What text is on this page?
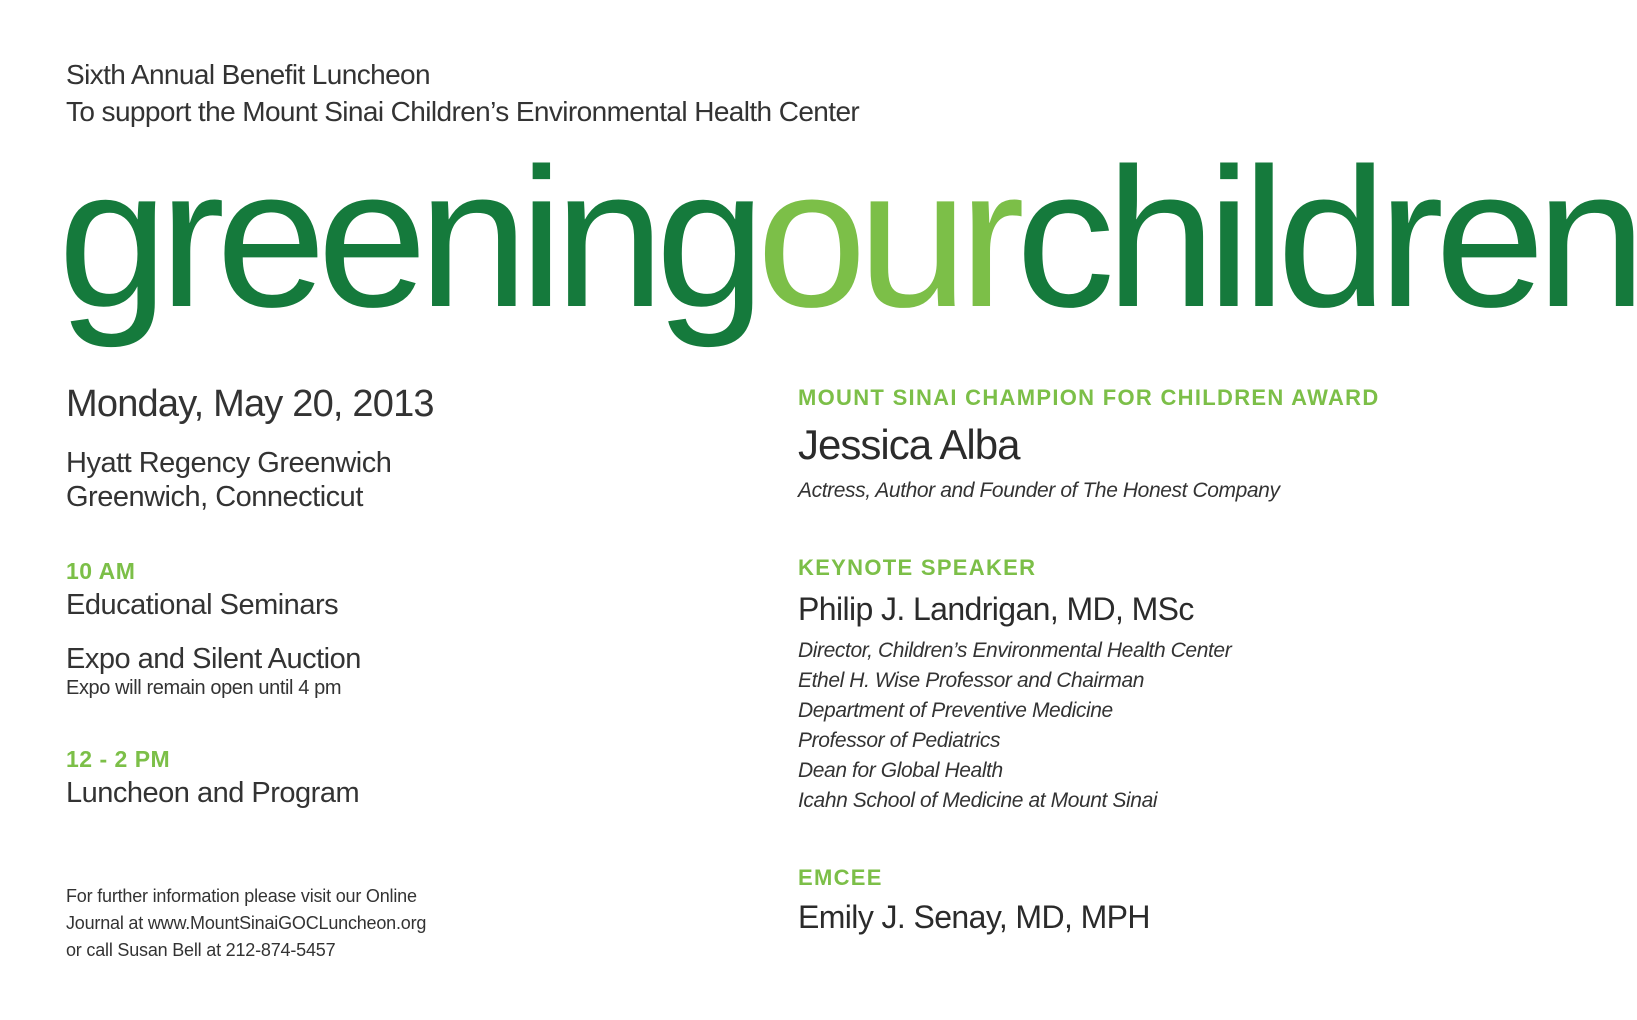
Sixth Annual Benefit Luncheon
To support the Mount Sinai Children’s Environmental Health Center
greeningourchildren
Monday, May 20, 2013
Hyatt Regency Greenwich
Greenwich, Connecticut
10 AM
Educational Seminars
Expo and Silent Auction
Expo will remain open until 4 pm
12 - 2 PM
Luncheon and Program
For further information please visit our Online
Journal at www.MountSinaiGOCLuncheon.org
or call Susan Bell at 212-874-5457
MOUNT SINAI CHAMPION FOR CHILDREN AWARD
Jessica Alba
Actress, Author and Founder of The Honest Company
KEYNOTE SPEAKER
Philip J. Landrigan, MD, MSc
Director, Children’s Environmental Health Center
Ethel H. Wise Professor and Chairman
Department of Preventive Medicine
Professor of Pediatrics
Dean for Global Health
Icahn School of Medicine at Mount Sinai
EMCEE
Emily J. Senay, MD, MPH
